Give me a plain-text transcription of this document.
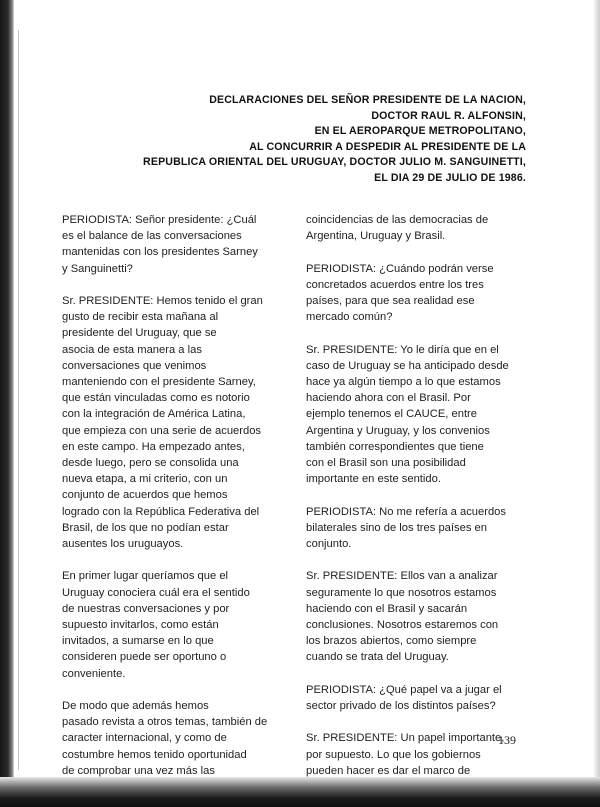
DECLARACIONES DEL SEÑOR PRESIDENTE DE LA NACION,
DOCTOR RAUL R. ALFONSIN,
EN EL AEROPARQUE METROPOLITANO,
AL CONCURRIR A DESPEDIR AL PRESIDENTE DE LA
REPUBLICA ORIENTAL DEL URUGUAY, DOCTOR JULIO M. SANGUINETTI,
EL DIA 29 DE JULIO DE 1986.
PERIODISTA: Señor presidente: ¿Cuál
es el balance de las conversaciones
mantenidas con los presidentes Sarney
y Sanguinetti?
Sr. PRESIDENTE: Hemos tenido el gran
gusto de recibir esta mañana al
presidente del Uruguay, que se
asocia de esta manera a las
conversaciones que venimos
manteniendo con el presidente Sarney,
que están vinculadas como es notorio
con la integración de América Latina,
que empieza con una serie de acuerdos
en este campo. Ha empezado antes,
desde luego, pero se consolida una
nueva etapa, a mi criterio, con un
conjunto de acuerdos que hemos
logrado con la República Federativa del
Brasil, de los que no podían estar
ausentes los uruguayos.
En primer lugar queríamos que el
Uruguay conociera cuál era el sentido
de nuestras conversaciones y por
supuesto invitarlos, como están
invitados, a sumarse en lo que
consideren puede ser oportuno o
conveniente.
De modo que además hemos
pasado revista a otros temas, también de
caracter internacional, y como de
costumbre hemos tenido oportunidad
de comprobar una vez más las
coincidencias de las democracias de
Argentina, Uruguay y Brasil.
PERIODISTA: ¿Cuándo podrán verse
concretados acuerdos entre los tres
países, para que sea realidad ese
mercado común?
Sr. PRESIDENTE: Yo le diría que en el
caso de Uruguay se ha anticipado desde
hace ya algún tiempo a lo que estamos
haciendo ahora con el Brasil. Por
ejemplo tenemos el CAUCE, entre
Argentina y Uruguay, y los convenios
también correspondientes que tiene
con el Brasil son una posibilidad
importante en este sentido.
PERIODISTA: No me refería a acuerdos
bilaterales sino de los tres países en
conjunto.
Sr. PRESIDENTE: Ellos van a analizar
seguramente lo que nosotros estamos
haciendo con el Brasil y sacarán
conclusiones. Nosotros estaremos con
los brazos abiertos, como siempre
cuando se trata del Uruguay.
PERIODISTA: ¿Qué papel va a jugar el
sector privado de los distintos países?
Sr. PRESIDENTE: Un papel importante,
por supuesto. Lo que los gobiernos
pueden hacer es dar el marco de
139
